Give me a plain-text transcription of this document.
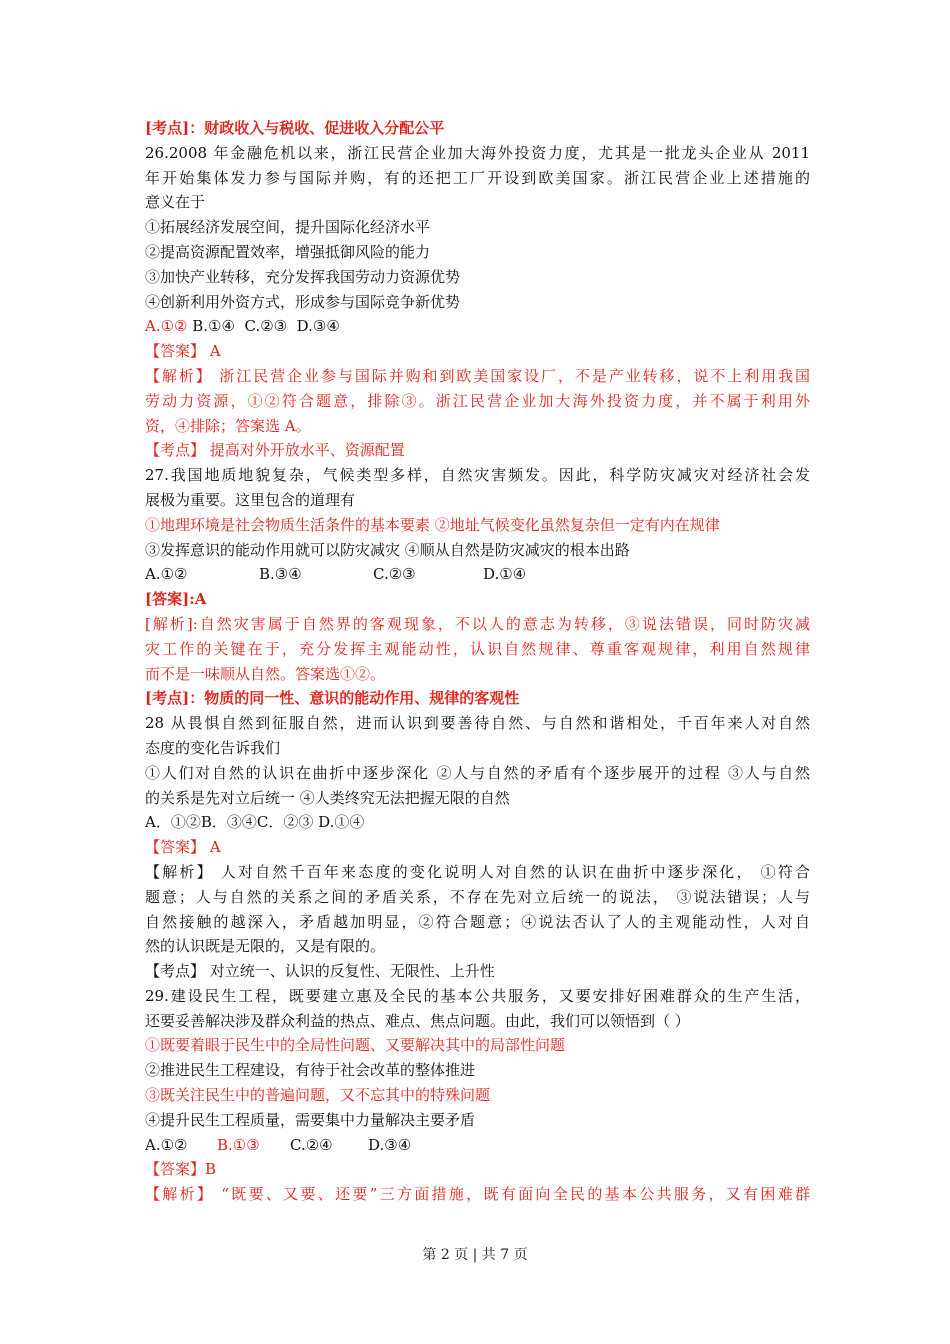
[考点]：财政收入与税收、促进收入分配公平
26.2008 年金融危机以来，浙江民营企业加大海外投资力度，尤其是一批龙头企业从 2011
年开始集体发力参与国际并购，有的还把工厂开设到欧美国家。浙江民营企业上述措施的
意义在于
①拓展经济发展空间，提升国际化经济水平
②提高资源配置效率，增强抵御风险的能力
③加快产业转移，充分发挥我国劳动力资源优势
④创新利用外资方式，形成参与国际竞争新优势
A.①② B.①④  C.②③  D.③④
【答案】 A
【解析】 浙江民营企业参与国际并购和到欧美国家设厂，不是产业转移，说不上利用我国
劳动力资源，①②符合题意，排除③。浙江民营企业加大海外投资力度，并不属于利用外
资，④排除；答案选 A。
【考点】 提高对外开放水平、资源配置
27.我国地质地貌复杂，气候类型多样，自然灾害频发。因此，科学防灾减灾对经济社会发
展极为重要。这里包含的道理有
①地理环境是社会物质生活条件的基本要素 ②地址气候变化虽然复杂但一定有内在规律
③发挥意识的能动作用就可以防灾减灾 ④顺从自然是防灾减灾的根本出路
A.①②	B.③④	C.②③	D.①④
[答案]:A
[解析]:自然灾害属于自然界的客观现象，不以人的意志为转移，③说法错误，同时防灾减
灾工作的关键在于，充分发挥主观能动性，认识自然规律、尊重客观规律，利用自然规律
而不是一味顺从自然。答案选①②。
[考点]：物质的同一性、意识的能动作用、规律的客观性
28 从畏惧自然到征服自然，进而认识到要善待自然、与自然和谐相处，千百年来人对自然
态度的变化告诉我们
①人们对自然的认识在曲折中逐步深化 ②人与自然的矛盾有个逐步展开的过程 ③人与自然
的关系是先对立后统一 ④人类终究无法把握无限的自然
A．①②B．③④C．②③ D.①④
【答案】 A
【解析】 人对自然千百年来态度的变化说明人对自然的认识在曲折中逐步深化， ①符合
题意；人与自然的关系之间的矛盾关系，不存在先对立后统一的说法， ③说法错误；人与
自然接触的越深入，矛盾越加明显，②符合题意；④说法否认了人的主观能动性，人对自
然的认识既是无限的，又是有限的。
【考点】 对立统一、认识的反复性、无限性、上升性
29.建设民生工程，既要建立惠及全民的基本公共服务，又要安排好困难群众的生产生活，
还要妥善解决涉及群众利益的热点、难点、焦点问题。由此，我们可以领悟到（ ）
①既要着眼于民生中的全局性问题、又要解决其中的局部性问题
②推进民生工程建设，有待于社会改革的整体推进
③既关注民生中的普遍问题，又不忘其中的特殊问题
④提升民生工程质量，需要集中力量解决主要矛盾
A.①② B.①③ C.②④ D.③④
【答案】B
【解析】 “既要、又要、还要”三方面措施，既有面向全民的基本公共服务，又有困难群
第 2 页 | 共 7 页
